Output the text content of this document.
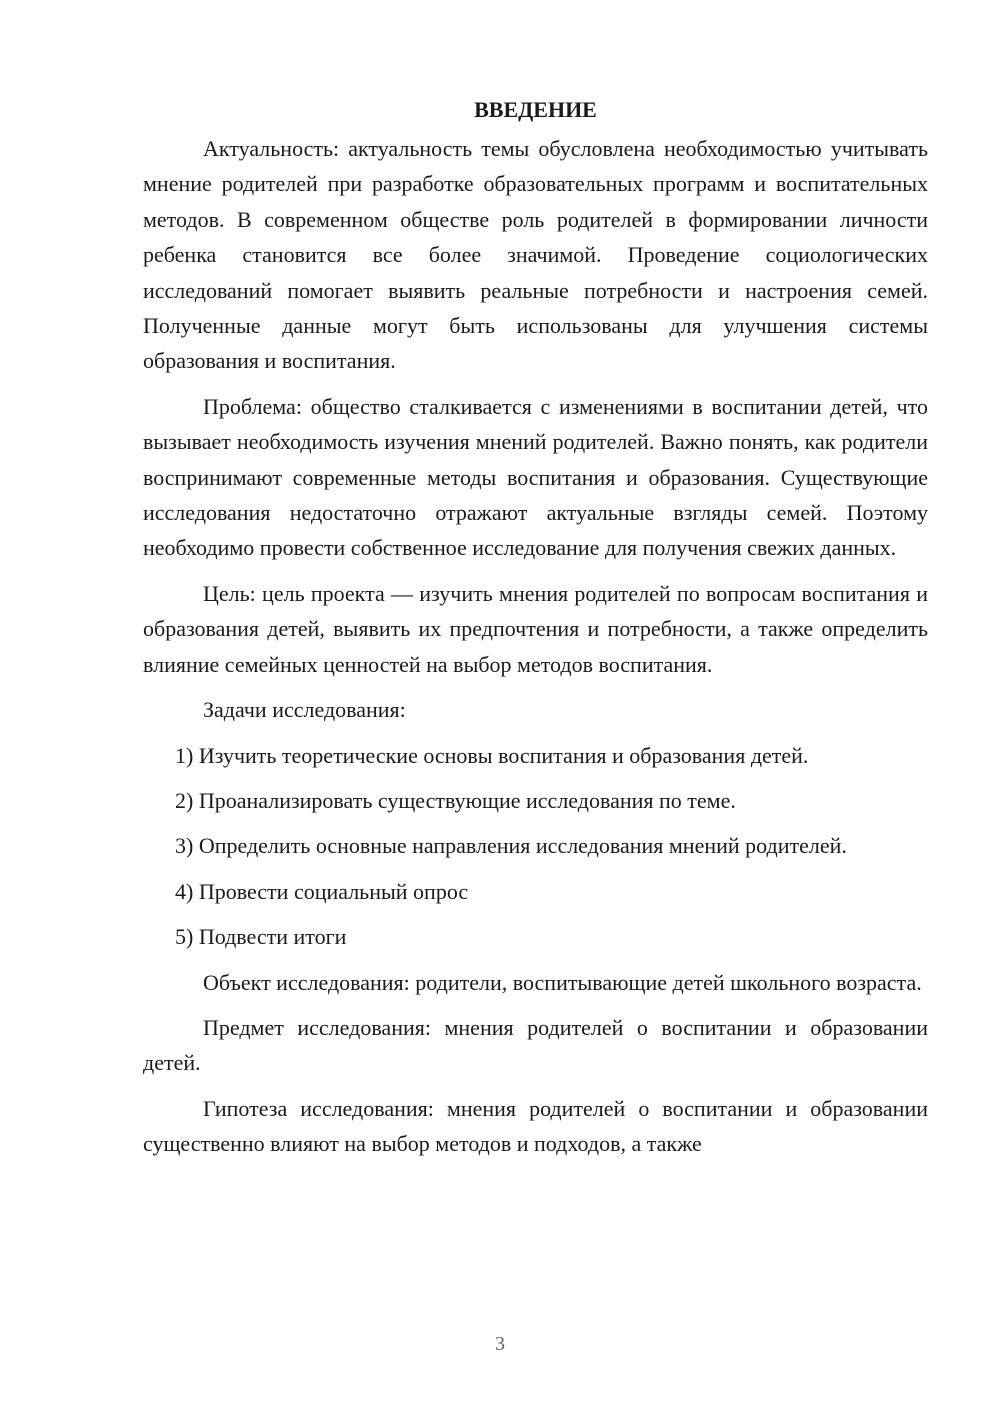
ВВЕДЕНИЕ

Актуальность: актуальность темы обусловлена необходимостью учитывать мнение родителей при разработке образовательных программ и воспитательных методов. В современном обществе роль родителей в формировании личности ребенка становится все более значимой. Проведение социологических исследований помогает выявить реальные потребности и настроения семей. Полученные данные могут быть использованы для улучшения системы образования и воспитания.

Проблема: общество сталкивается с изменениями в воспитании детей, что вызывает необходимость изучения мнений родителей. Важно понять, как родители воспринимают современные методы воспитания и образования. Существующие исследования недостаточно отражают актуальные взгляды семей. Поэтому необходимо провести собственное исследование для получения свежих данных.

Цель: цель проекта — изучить мнения родителей по вопросам воспитания и образования детей, выявить их предпочтения и потребности, а также определить влияние семейных ценностей на выбор методов воспитания.

Задачи исследования:

1) Изучить теоретические основы воспитания и образования детей.

2) Проанализировать существующие исследования по теме.

3) Определить основные направления исследования мнений родителей.

4) Провести социальный опрос

5) Подвести итоги

Объект исследования: родители, воспитывающие детей школьного возраста.

Предмет исследования: мнения родителей о воспитании и образовании детей.

Гипотеза исследования: мнения родителей о воспитании и образовании существенно влияют на выбор методов и подходов, а также

3
